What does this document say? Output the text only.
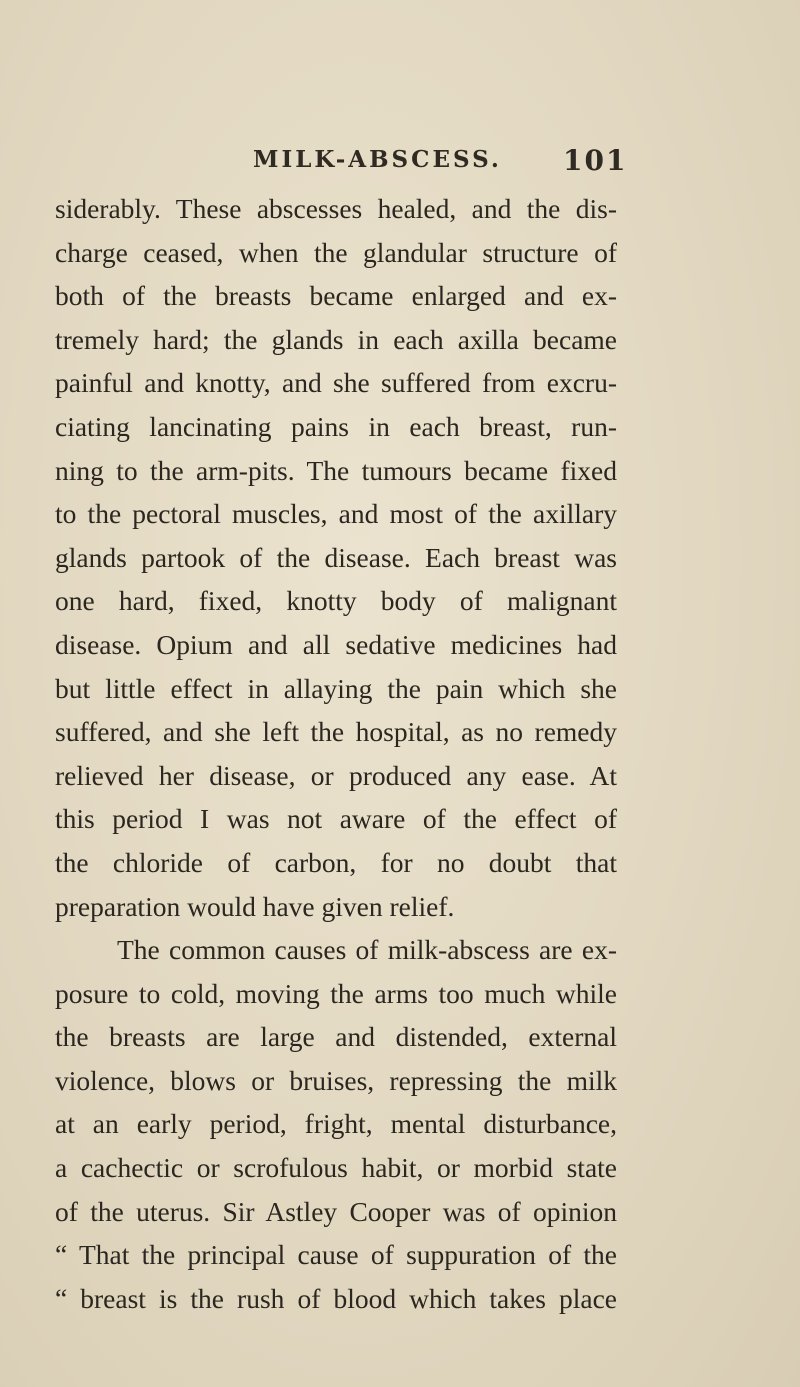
MILK-ABSCESS. 101
siderably. These abscesses healed, and the dis-
charge ceased, when the glandular structure of
both of the breasts became enlarged and ex-
tremely hard; the glands in each axilla became
painful and knotty, and she suffered from excru-
ciating lancinating pains in each breast, run-
ning to the arm-pits. The tumours became fixed
to the pectoral muscles, and most of the axillary
glands partook of the disease. Each breast was
one hard, fixed, knotty body of malignant
disease. Opium and all sedative medicines had
but little effect in allaying the pain which she
suffered, and she left the hospital, as no remedy
relieved her disease, or produced any ease. At
this period I was not aware of the effect of
the chloride of carbon, for no doubt that
preparation would have given relief.
The common causes of milk-abscess are ex-
posure to cold, moving the arms too much while
the breasts are large and distended, external
violence, blows or bruises, repressing the milk
at an early period, fright, mental disturbance,
a cachectic or scrofulous habit, or morbid state
of the uterus. Sir Astley Cooper was of opinion
“ That the principal cause of suppuration of the
“ breast is the rush of blood which takes place
